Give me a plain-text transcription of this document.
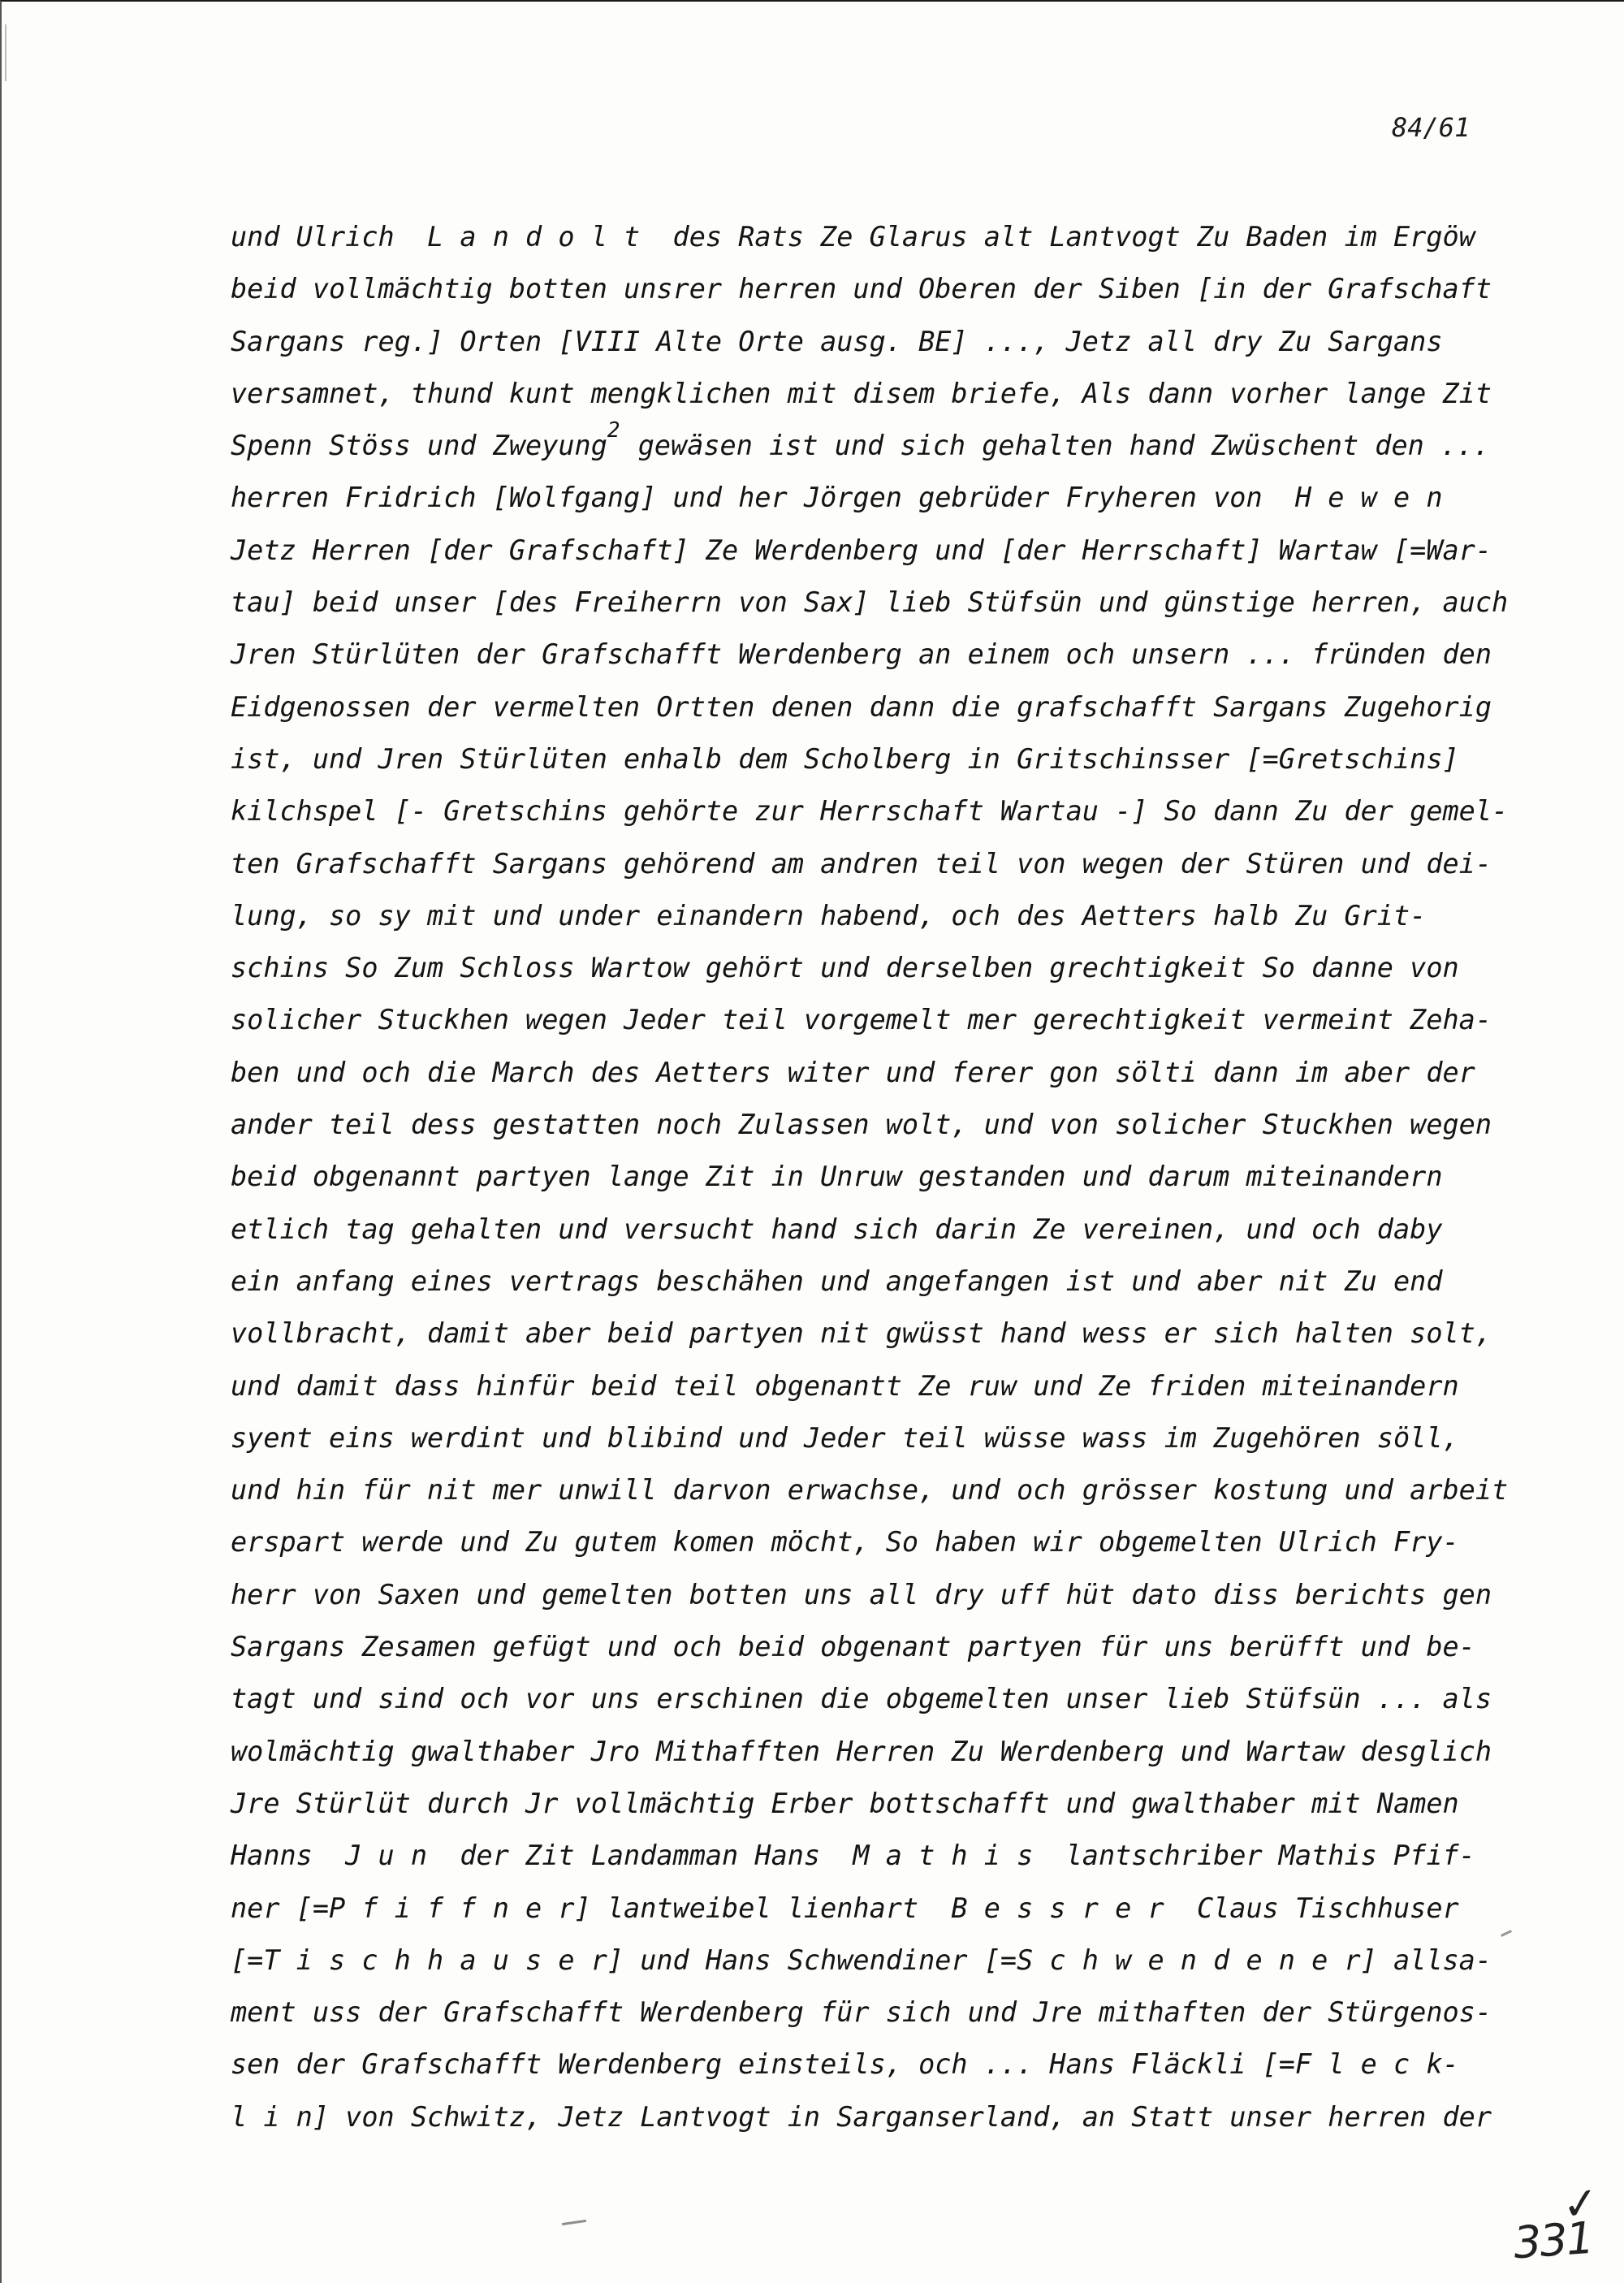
84/61
und Ulrich  L a n d o l t  des Rats Ze Glarus alt Lantvogt Zu Baden im Ergöw
beid vollmächtig botten unsrer herren und Oberen der Siben [in der Grafschaft
Sargans reg.] Orten [VIII Alte Orte ausg. BE] ..., Jetz all dry Zu Sargans
versamnet, thund kunt mengklichen mit disem briefe, Als dann vorher lange Zit
Spenn Stöss und Zweyung$^2$ gewäsen ist und sich gehalten hand Zwüschent den ...
herren Fridrich [Wolfgang] und her Jörgen gebrüder Fryheren von  H e w e n
Jetz Herren [der Grafschaft] Ze Werdenberg und [der Herrschaft] Wartaw [=War-
tau] beid unser [des Freiherrn von Sax] lieb Stüfsün und günstige herren, auch
Jren Stürlüten der Grafschafft Werdenberg an einem och unsern ... fründen den
Eidgenossen der vermelten Ortten denen dann die grafschafft Sargans Zugehorig
ist, und Jren Stürlüten enhalb dem Scholberg in Gritschinsser [=Gretschins]
kilchspel [- Gretschins gehörte zur Herrschaft Wartau -] So dann Zu der gemel-
ten Grafschafft Sargans gehörend am andren teil von wegen der Stüren und dei-
lung, so sy mit und under einandern habend, och des Aetters halb Zu Grit-
schins So Zum Schloss Wartow gehört und derselben grechtigkeit So danne von
solicher Stuckhen wegen Jeder teil vorgemelt mer gerechtigkeit vermeint Zeha-
ben und och die March des Aetters witer und ferer gon sölti dann im aber der
ander teil dess gestatten noch Zulassen wolt, und von solicher Stuckhen wegen
beid obgenannt partyen lange Zit in Unruw gestanden und darum miteinandern
etlich tag gehalten und versucht hand sich darin Ze vereinen, und och daby
ein anfang eines vertrags beschähen und angefangen ist und aber nit Zu end
vollbracht, damit aber beid partyen nit gwüsst hand wess er sich halten solt,
und damit dass hinfür beid teil obgenantt Ze ruw und Ze friden miteinandern
syent eins werdint und blibind und Jeder teil wüsse wass im Zugehören söll,
und hin für nit mer unwill darvon erwachse, und och grösser kostung und arbeit
erspart werde und Zu gutem komen möcht, So haben wir obgemelten Ulrich Fry-
herr von Saxen und gemelten botten uns all dry uff hüt dato diss berichts gen
Sargans Zesamen gefügt und och beid obgenant partyen für uns berüfft und be-
tagt und sind och vor uns erschinen die obgemelten unser lieb Stüfsün ... als
wolmächtig gwalthaber Jro Mithafften Herren Zu Werdenberg und Wartaw desglich
Jre Stürlüt durch Jr vollmächtig Erber bottschafft und gwalthaber mit Namen
Hanns  J u n  der Zit Landamman Hans  M a t h i s  lantschriber Mathis Pfif-
ner [=P f i f f n e r] lantweibel lienhart  B e s s r e r  Claus Tischhuser
[=T i s c h h a u s e r] und Hans Schwendiner [=S c h w e n d e n e r] allsa-
ment uss der Grafschafft Werdenberg für sich und Jre mithaften der Stürgenos-
sen der Grafschafft Werdenberg einsteils, och ... Hans Fläckli [=F l e c k-
l i n] von Schwitz, Jetz Lantvogt in Sarganserland, an Statt unser herren der
✓
331
